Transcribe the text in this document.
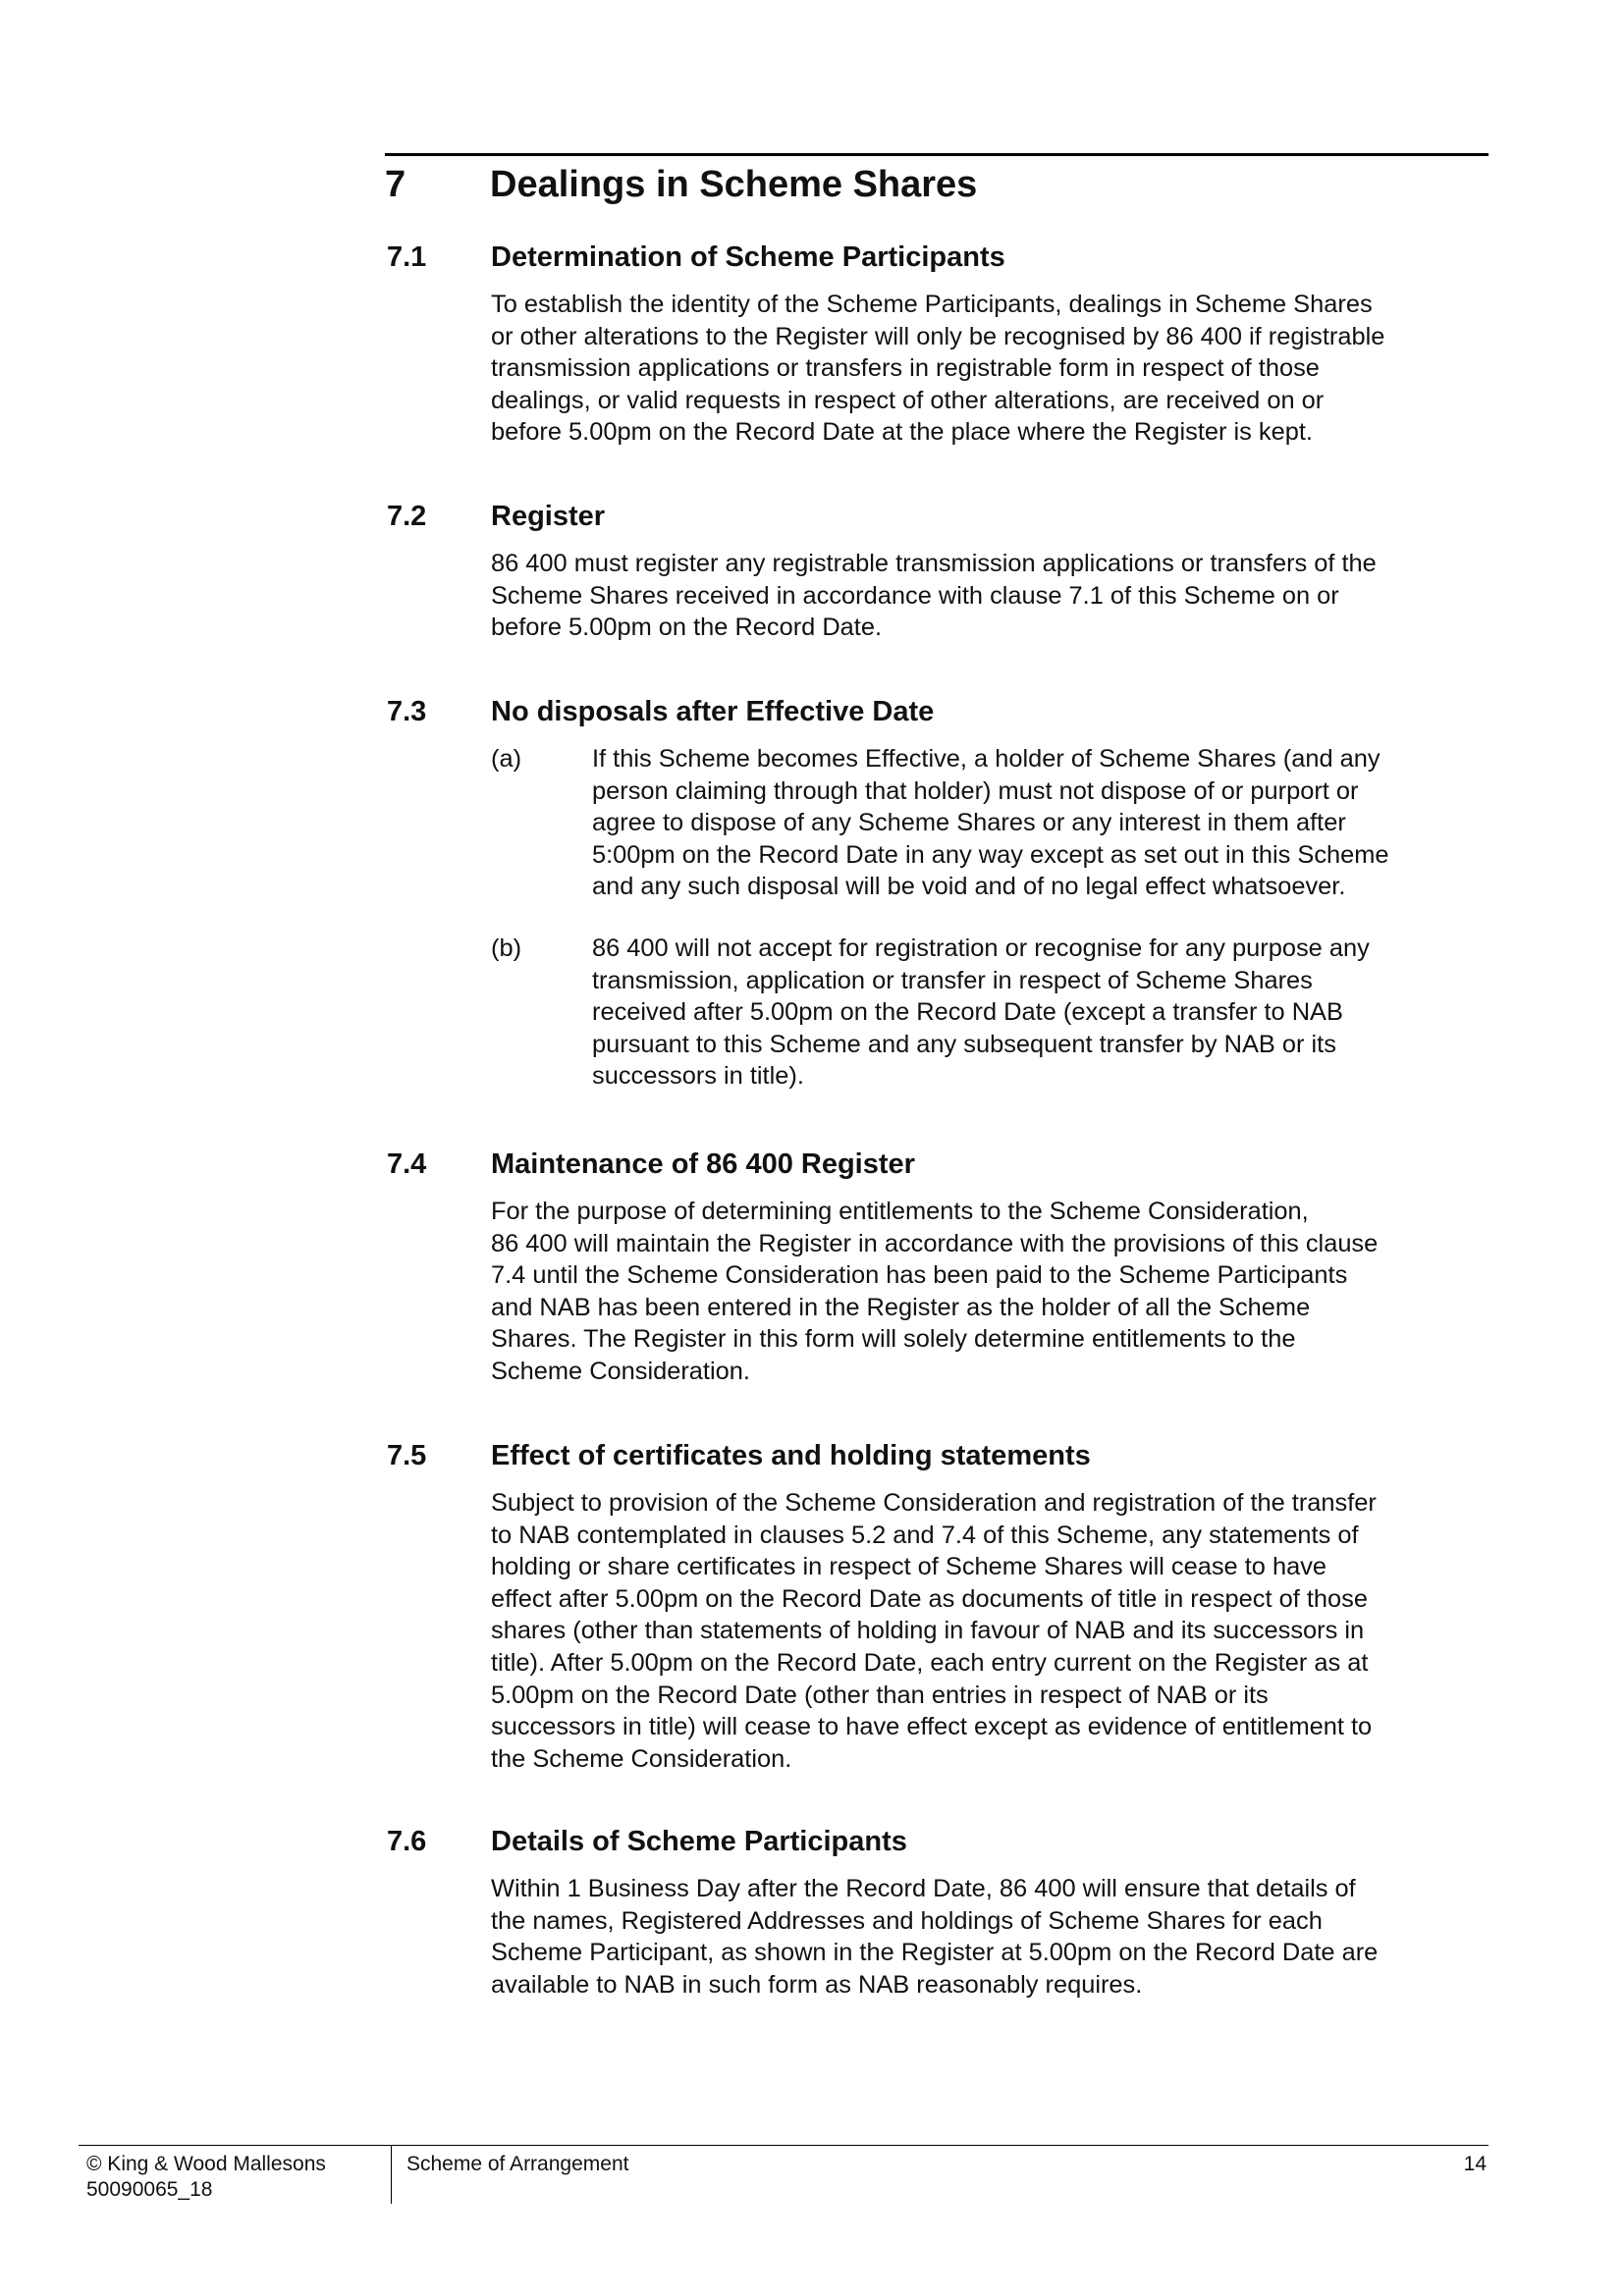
7 Dealings in Scheme Shares
7.1 Determination of Scheme Participants

To establish the identity of the Scheme Participants, dealings in Scheme Shares
or other alterations to the Register will only be recognised by 86 400 if registrable
transmission applications or transfers in registrable form in respect of those
dealings, or valid requests in respect of other alterations, are received on or
before 5.00pm on the Record Date at the place where the Register is kept.

7.2 Register

86 400 must register any registrable transmission applications or transfers of the
Scheme Shares received in accordance with clause 7.1 of this Scheme on or
before 5.00pm on the Record Date.

7.3 No disposals after Effective Date
(a)	If this Scheme becomes Effective, a holder of Scheme Shares (and any
person claiming through that holder) must not dispose of or purport or
agree to dispose of any Scheme Shares or any interest in them after
5:00pm on the Record Date in any way except as set out in this Scheme
and any such disposal will be void and of no legal effect whatsoever.
(b)	86 400 will not accept for registration or recognise for any purpose any
transmission, application or transfer in respect of Scheme Shares
received after 5.00pm on the Record Date (except a transfer to NAB
pursuant to this Scheme and any subsequent transfer by NAB or its
successors in title).
7.4 Maintenance of 86 400 Register

For the purpose of determining entitlements to the Scheme Consideration,
86 400 will maintain the Register in accordance with the provisions of this clause
7.4 until the Scheme Consideration has been paid to the Scheme Participants
and NAB has been entered in the Register as the holder of all the Scheme
Shares. The Register in this form will solely determine entitlements to the
Scheme Consideration.

7.5 Effect of certificates and holding statements

Subject to provision of the Scheme Consideration and registration of the transfer
to NAB contemplated in clauses 5.2 and 7.4 of this Scheme, any statements of
holding or share certificates in respect of Scheme Shares will cease to have
effect after 5.00pm on the Record Date as documents of title in respect of those
shares (other than statements of holding in favour of NAB and its successors in
title). After 5.00pm on the Record Date, each entry current on the Register as at
5.00pm on the Record Date (other than entries in respect of NAB or its
successors in title) will cease to have effect except as evidence of entitlement to
the Scheme Consideration.

7.6 Details of Scheme Participants

Within 1 Business Day after the Record Date, 86 400 will ensure that details of
the names, Registered Addresses and holdings of Scheme Shares for each
Scheme Participant, as shown in the Register at 5.00pm on the Record Date are
available to NAB in such form as NAB reasonably requires.

© King & Wood Mallesons
50090065_18
Scheme of Arrangement	14
